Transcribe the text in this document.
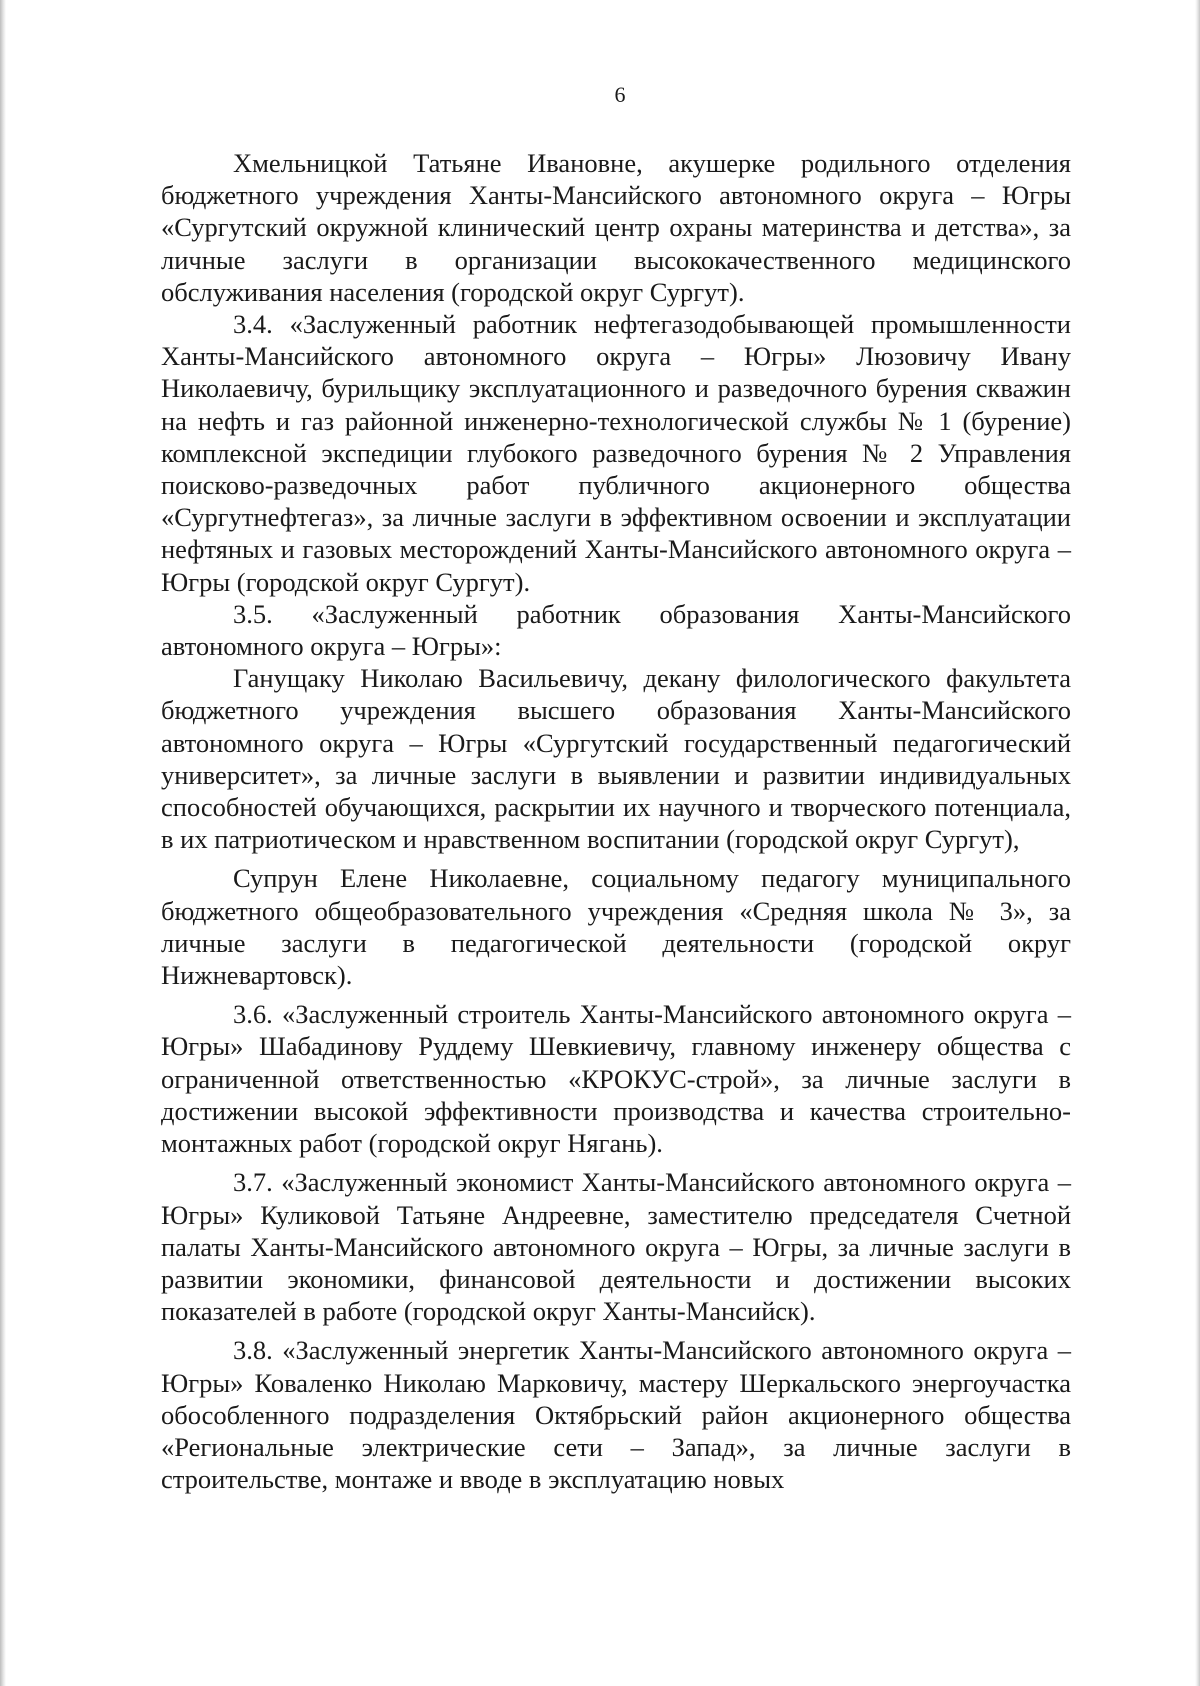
6

Хмельницкой Татьяне Ивановне, акушерке родильного отделения бюджетного учреждения Ханты-Мансийского автономного округа – Югры «Сургутский окружной клинический центр охраны материнства и детства», за личные заслуги в организации высококачественного медицинского обслуживания населения (городской округ Сургут).

3.4. «Заслуженный работник нефтегазодобывающей промышленности Ханты-Мансийского автономного округа – Югры» Люзовичу Ивану Николаевичу, бурильщику эксплуатационного и разведочного бурения скважин на нефть и газ районной инженерно-технологической службы № 1 (бурение) комплексной экспедиции глубокого разведочного бурения № 2 Управления поисково-разведочных работ публичного акционерного общества «Сургутнефтегаз», за личные заслуги в эффективном освоении и эксплуатации нефтяных и газовых месторождений Ханты-Мансийского автономного округа – Югры (городской округ Сургут).

3.5. «Заслуженный работник образования Ханты-Мансийского автономного округа – Югры»:

Ганущаку Николаю Васильевичу, декану филологического факультета бюджетного учреждения высшего образования Ханты-Мансийского автономного округа – Югры «Сургутский государственный педагогический университет», за личные заслуги в выявлении и развитии индивидуальных способностей обучающихся, раскрытии их научного и творческого потенциала, в их патриотическом и нравственном воспитании (городской округ Сургут),

Супрун Елене Николаевне, социальному педагогу муниципального бюджетного общеобразовательного учреждения «Средняя школа № 3», за личные заслуги в педагогической деятельности (городской округ Нижневартовск).

3.6. «Заслуженный строитель Ханты-Мансийского автономного округа – Югры» Шабадинову Руддему Шевкиевичу, главному инженеру общества с ограниченной ответственностью «КРОКУС-строй», за личные заслуги в достижении высокой эффективности производства и качества строительно-монтажных работ (городской округ Нягань).

3.7. «Заслуженный экономист Ханты-Мансийского автономного округа – Югры» Куликовой Татьяне Андреевне, заместителю председателя Счетной палаты Ханты-Мансийского автономного округа – Югры, за личные заслуги в развитии экономики, финансовой деятельности и достижении высоких показателей в работе (городской округ Ханты-Мансийск).

3.8. «Заслуженный энергетик Ханты-Мансийского автономного округа – Югры» Коваленко Николаю Марковичу, мастеру Шеркальского энергоучастка обособленного подразделения Октябрьский район акционерного общества «Региональные электрические сети – Запад», за личные заслуги в строительстве, монтаже и вводе в эксплуатацию новых
